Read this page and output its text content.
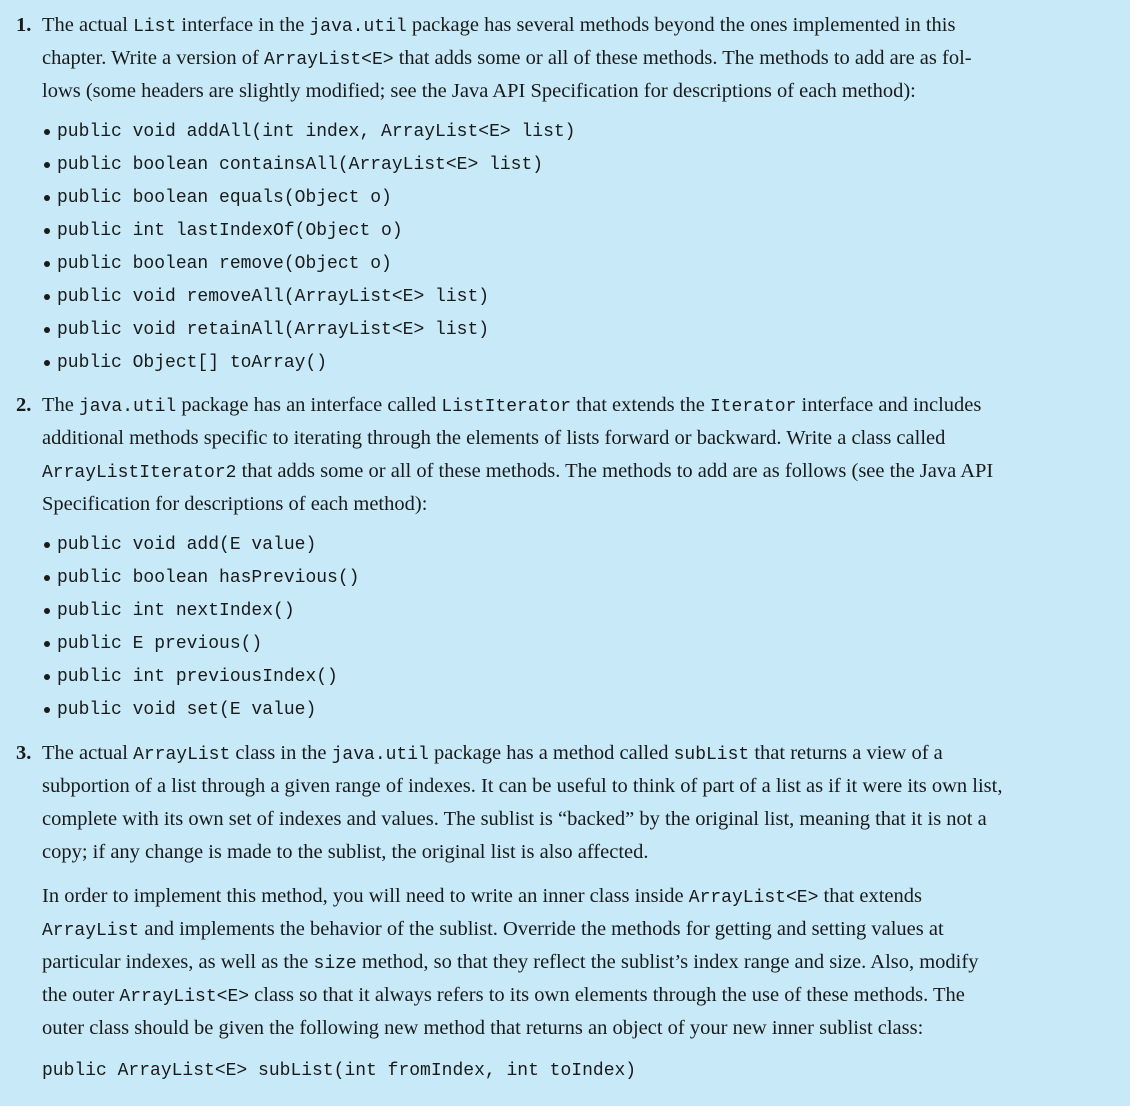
1. The actual List interface in the java.util package has several methods beyond the ones implemented in this
chapter. Write a version of ArrayList<E> that adds some or all of these methods. The methods to add are as fol-
lows (some headers are slightly modified; see the Java API Specification for descriptions of each method):
public void addAll(int index, ArrayList<E> list)
public boolean containsAll(ArrayList<E> list)
public boolean equals(Object o)
public int lastIndexOf(Object o)
public boolean remove(Object o)
public void removeAll(ArrayList<E> list)
public void retainAll(ArrayList<E> list)
public Object[] toArray()
2. The java.util package has an interface called ListIterator that extends the Iterator interface and includes
additional methods specific to iterating through the elements of lists forward or backward. Write a class called
ArrayListIterator2 that adds some or all of these methods. The methods to add are as follows (see the Java API
Specification for descriptions of each method):
public void add(E value)
public boolean hasPrevious()
public int nextIndex()
public E previous()
public int previousIndex()
public void set(E value)
3. The actual ArrayList class in the java.util package has a method called subList that returns a view of a
subportion of a list through a given range of indexes. It can be useful to think of part of a list as if it were its own list,
complete with its own set of indexes and values. The sublist is “backed” by the original list, meaning that it is not a
copy; if any change is made to the sublist, the original list is also affected.
In order to implement this method, you will need to write an inner class inside ArrayList<E> that extends
ArrayList and implements the behavior of the sublist. Override the methods for getting and setting values at
particular indexes, as well as the size method, so that they reflect the sublist’s index range and size. Also, modify
the outer ArrayList<E> class so that it always refers to its own elements through the use of these methods. The
outer class should be given the following new method that returns an object of your new inner sublist class:
public ArrayList<E> subList(int fromIndex, int toIndex)
